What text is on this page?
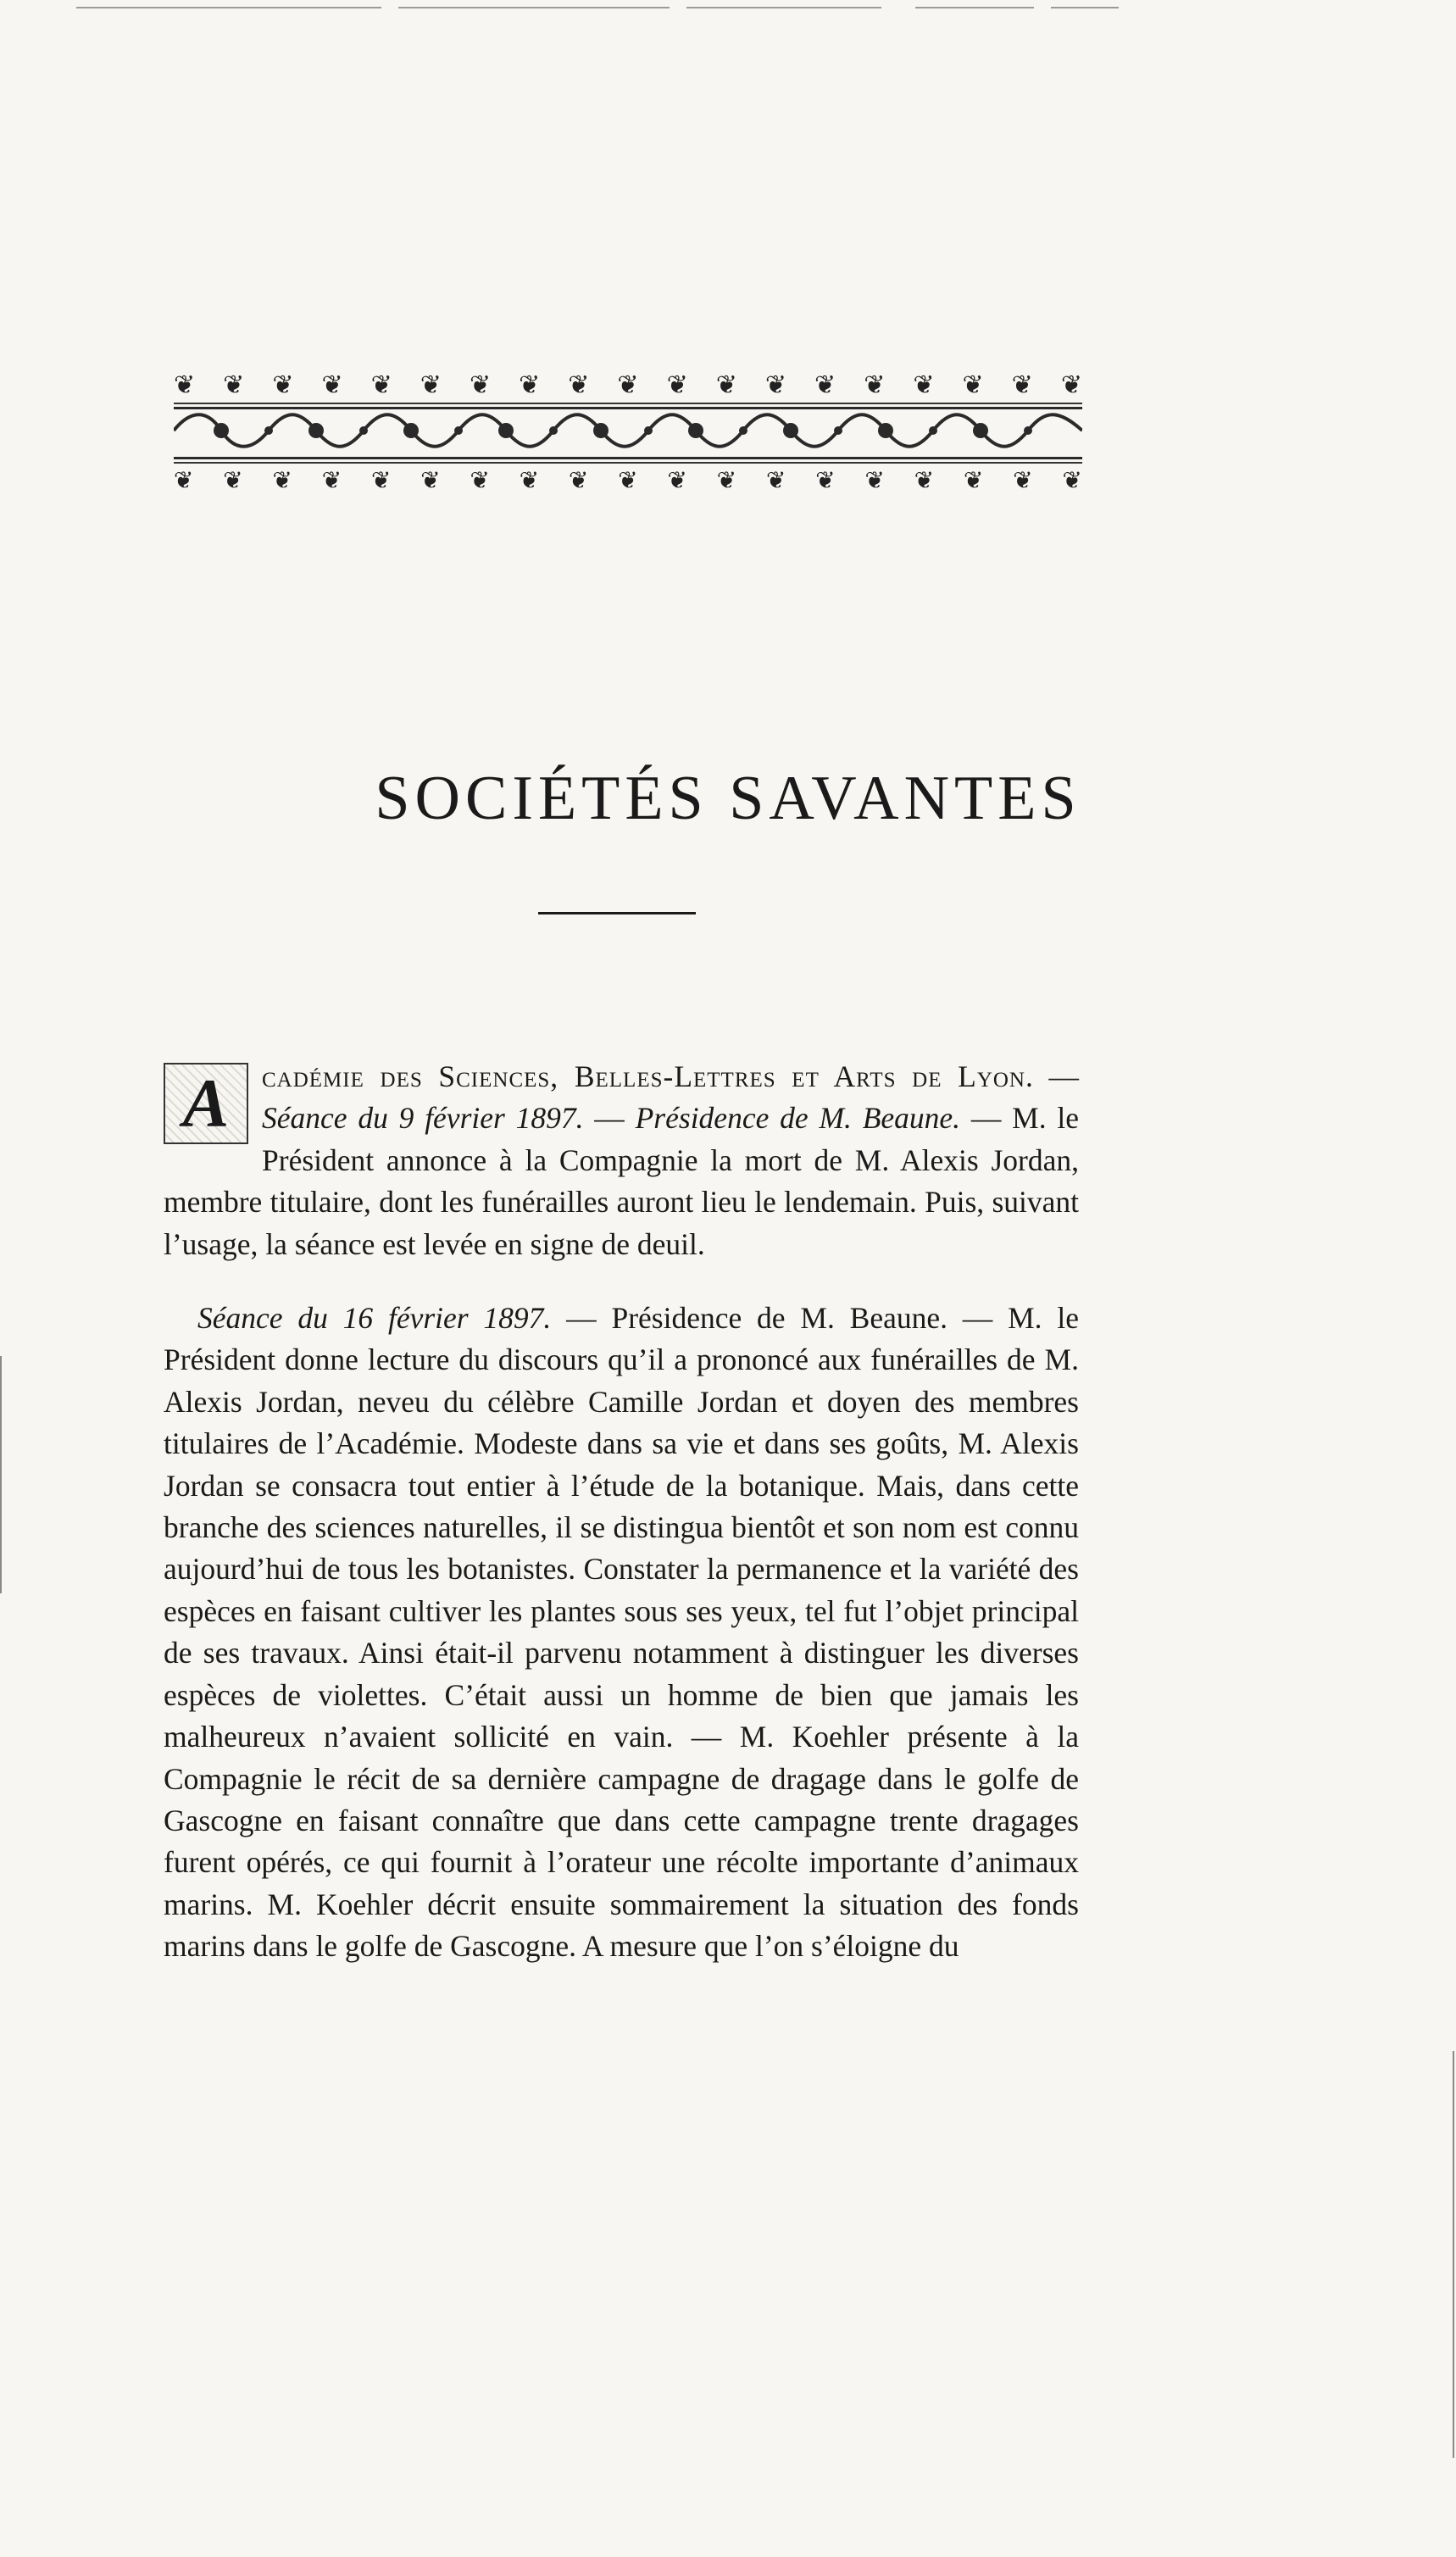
❦ ❦ ❦ ❦ ❦ ❦ ❦ ❦ ❦ ❦ ❦ ❦ ❦ ❦ ❦ ❦ ❦ ❦ ❦
❦ ❦ ❦ ❦ ❦ ❦ ❦ ❦ ❦ ❦ ❦ ❦ ❦ ❦ ❦ ❦ ❦ ❦ ❦
SOCIÉTÉS SAVANTES

A	cadémie des Sciences, Belles-Lettres et Arts de Lyon. — Séance du 9 février 1897. — Présidence de M. Beaune. — M. le Président annonce à la Compagnie la mort de M. Alexis Jordan, membre titulaire, dont les funérailles auront lieu le lendemain. Puis, suivant l’usage, la séance est levée en signe de deuil.

Séance du 16 février 1897. — Présidence de M. Beaune. — M. le Président donne lecture du discours qu’il a prononcé aux funérailles de M. Alexis Jordan, neveu du célèbre Camille Jordan et doyen des membres titulaires de l’Académie. Modeste dans sa vie et dans ses goûts, M. Alexis Jordan se consacra tout entier à l’étude de la botanique. Mais, dans cette branche des sciences naturelles, il se distingua bientôt et son nom est connu aujourd’hui de tous les botanistes. Constater la permanence et la variété des espèces en faisant cultiver les plantes sous ses yeux, tel fut l’objet principal de ses travaux. Ainsi était-il parvenu notamment à distinguer les diverses espèces de violettes. C’était aussi un homme de bien que jamais les malheureux n’avaient sollicité en vain. — M. Koehler présente à la Compagnie le récit de sa dernière campagne de dragage dans le golfe de Gascogne en faisant connaître que dans cette campagne trente dragages furent opérés, ce qui fournit à l’orateur une récolte importante d’animaux marins. M. Koehler décrit ensuite sommairement la situation des fonds marins dans le golfe de Gascogne. A mesure que l’on s’éloigne du
